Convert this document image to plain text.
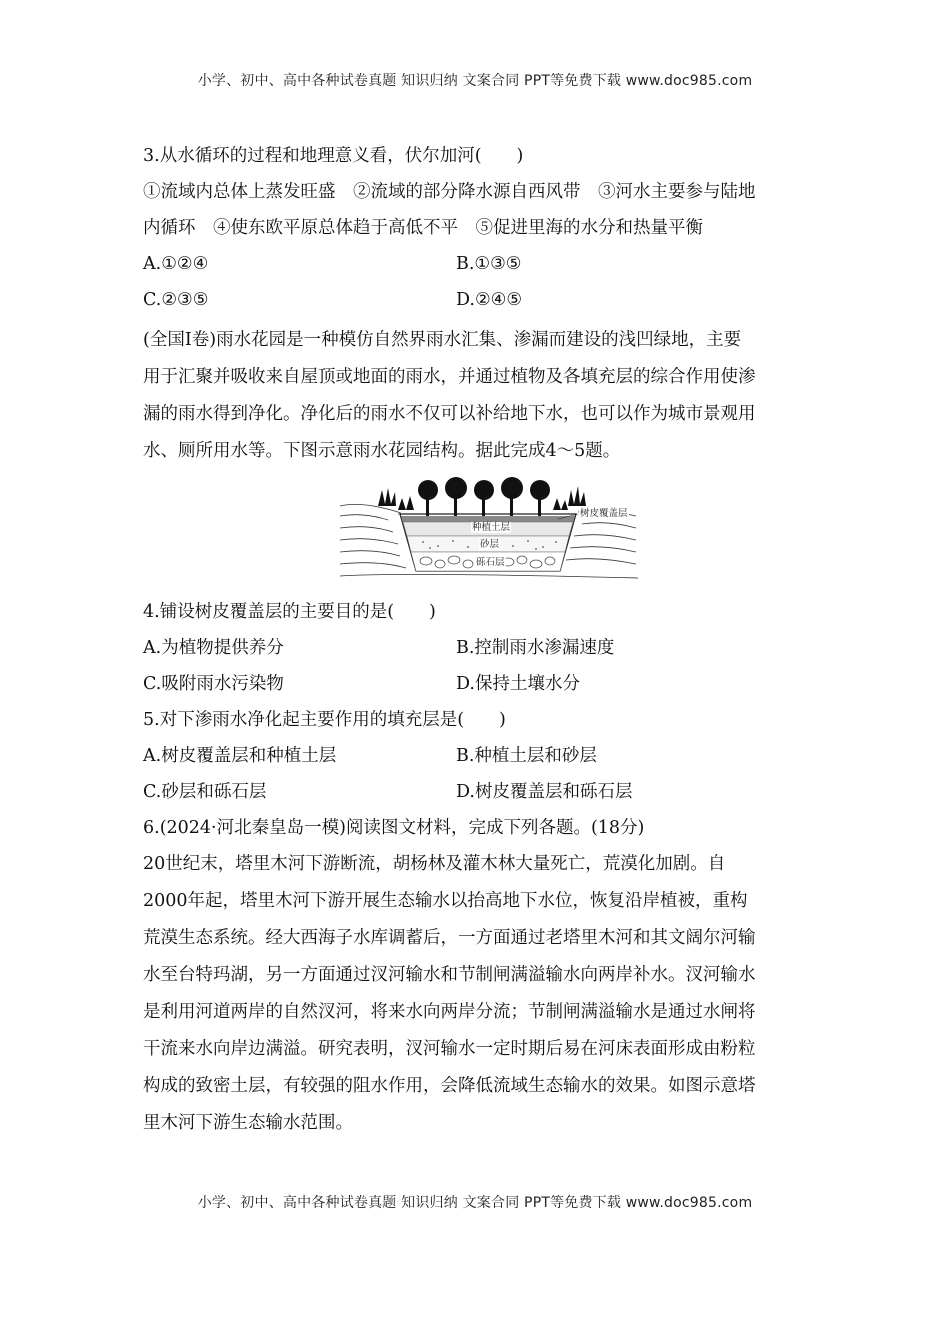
小学、初中、高中各种试卷真题 知识归纳 文案合同 PPT等免费下载 www.doc985.com
3.从水循环的过程和地理意义看，伏尔加河(　　)
①流域内总体上蒸发旺盛　②流域的部分降水源自西风带　③河水主要参与陆地
内循环　④使东欧平原总体趋于高低不平　⑤促进里海的水分和热量平衡
A.①②④	B.①③⑤
C.②③⑤	D.②④⑤
(全国Ⅰ卷)雨水花园是一种模仿自然界雨水汇集、渗漏而建设的浅凹绿地，主要
用于汇聚并吸收来自屋顶或地面的雨水，并通过植物及各填充层的综合作用使渗
漏的雨水得到净化。净化后的雨水不仅可以补给地下水，也可以作为城市景观用
水、厕所用水等。下图示意雨水花园结构。据此完成4～5题。
树皮覆盖层
种植土层
砂层
砾石层
4.铺设树皮覆盖层的主要目的是(　　)
A.为植物提供养分	B.控制雨水渗漏速度
C.吸附雨水污染物	D.保持土壤水分
5.对下渗雨水净化起主要作用的填充层是(　　)
A.树皮覆盖层和种植土层	B.种植土层和砂层
C.砂层和砾石层	D.树皮覆盖层和砾石层
6.(2024·河北秦皇岛一模)阅读图文材料，完成下列各题。(18分)
20世纪末，塔里木河下游断流，胡杨林及灌木林大量死亡，荒漠化加剧。自
2000年起，塔里木河下游开展生态输水以抬高地下水位，恢复沿岸植被，重构
荒漠生态系统。经大西海子水库调蓄后，一方面通过老塔里木河和其文阔尔河输
水至台特玛湖，另一方面通过汊河输水和节制闸满溢输水向两岸补水。汊河输水
是利用河道两岸的自然汊河，将来水向两岸分流；节制闸满溢输水是通过水闸将
干流来水向岸边满溢。研究表明，汊河输水一定时期后易在河床表面形成由粉粒
构成的致密土层，有较强的阻水作用，会降低流域生态输水的效果。如图示意塔
里木河下游生态输水范围。
小学、初中、高中各种试卷真题 知识归纳 文案合同 PPT等免费下载 www.doc985.com
